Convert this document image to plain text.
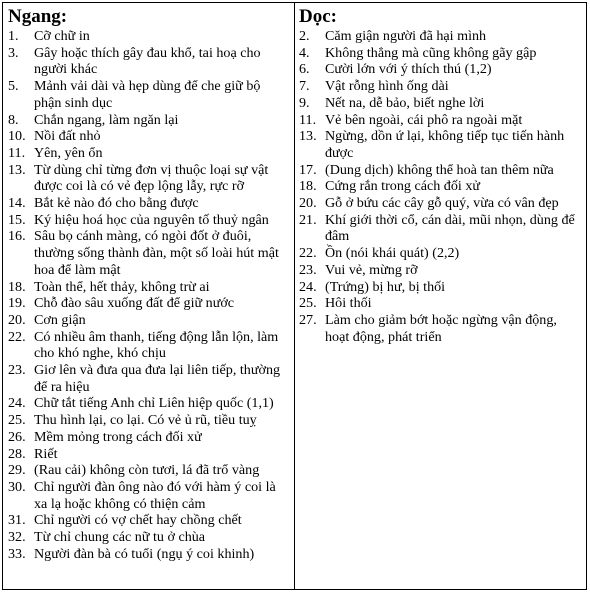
Ngang:
1.	Cỡ chữ in
3.	Gây hoặc thích gây đau khổ, tai hoạ cho người khác
5.	Mảnh vải dài và hẹp dùng để che giữ bộ phận sinh dục
8.	Chắn ngang, làm ngăn lại
10. Nồi đất nhỏ
11. Yên, yên ổn
13. Từ dùng chỉ từng đơn vị thuộc loại sự vật được coi là có vẻ đẹp lộng lẫy, rực rỡ
14. Bắt kẻ nào đó cho bằng được
15. Ký hiệu hoá học của nguyên tố thuỷ ngân
16. Sâu bọ cánh màng, có ngòi đốt ở đuôi, thường sống thành đàn, một số loài hút mật hoa để làm mật
18. Toàn thể, hết thảy, không trừ ai
19. Chỗ đào sâu xuống đất để giữ nước
20. Cơn giận
22. Có nhiều âm thanh, tiếng động lẫn lộn, làm cho khó nghe, khó chịu
23. Giơ lên và đưa qua đưa lại liên tiếp, thường để ra hiệu
24. Chữ tắt tiếng Anh chỉ Liên hiệp quốc (1,1)
25. Thu hình lại, co lại. Có vẻ ủ rũ, tiều tuỵ
26. Mềm mỏng trong cách đối xử
28. Riết
29. (Rau cải) không còn tươi, lá đã trổ vàng
30. Chỉ người đàn ông nào đó với hàm ý coi là xa lạ hoặc không có thiện cảm
31. Chỉ người có vợ chết hay chồng chết
32. Từ chỉ chung các nữ tu ở chùa
33. Người đàn bà có tuổi (ngụ ý coi khinh)
Dọc:
2.	Căm giận người đã hại mình
4.	Không thẳng mà cũng không gãy gập
6.	Cười lớn với ý thích thú (1,2)
7.	Vật rỗng hình ống dài
9.	Nết na, dễ bảo, biết nghe lời
11. Vẻ bên ngoài, cái phô ra ngoài mặt
13. Ngừng, dồn ứ lại, không tiếp tục tiến hành được
17. (Dung dịch) không thể hoà tan thêm nữa
18. Cứng rắn trong cách đối xử
20. Gỗ ở bứu các cây gỗ quý, vừa có vân đẹp
21. Khí giới thời cổ, cán dài, mũi nhọn, dùng để đâm
22. Ồn (nói khái quát) (2,2)
23. Vui vẻ, mừng rỡ
24. (Trứng) bị hư, bị thối
25. Hôi thối
27. Làm cho giảm bớt hoặc ngừng vận động, hoạt động, phát triển
